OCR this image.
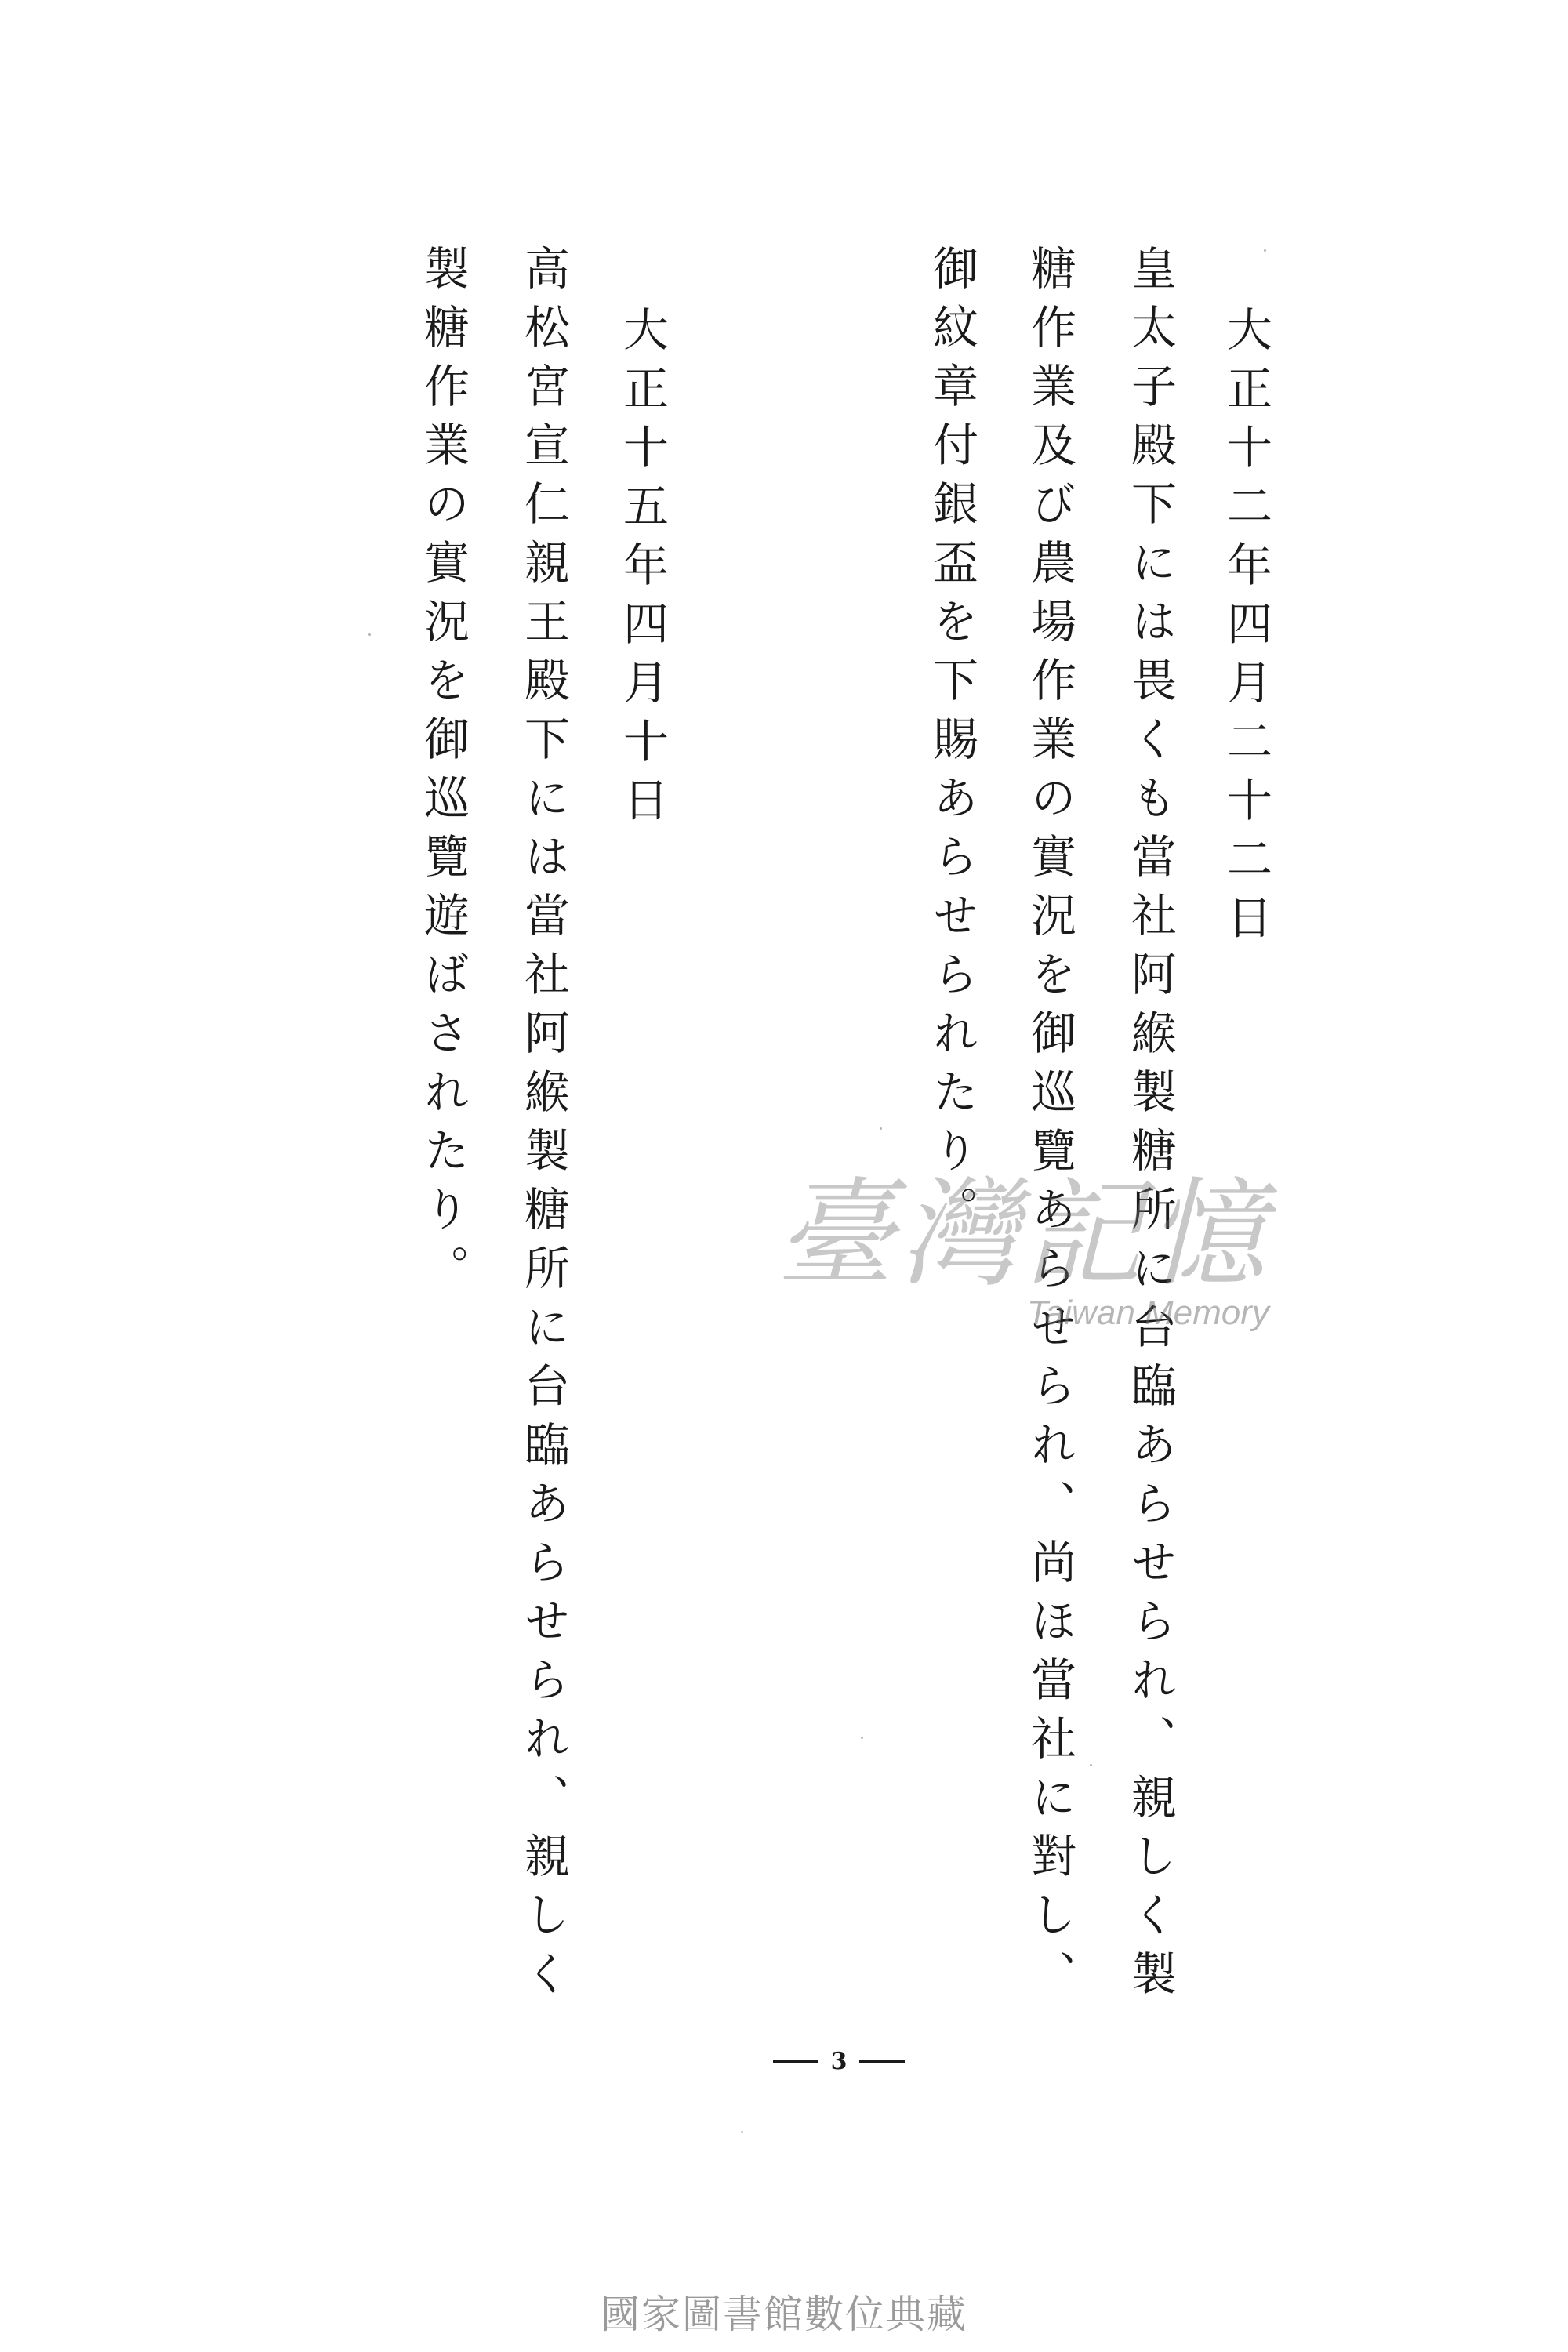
大正十二年四月二十二日

皇太子殿下には畏くも當社阿緱製糖所に台臨あらせられ、親しく製

糖作業及び農場作業の實況を御巡覽あらせられ、尚ほ當社に對し、

御紋章付銀盃を下賜あらせられたり。

大正十五年四月十日

高松宮宣仁親王殿下には當社阿緱製糖所に台臨あらせられ、親しく

製糖作業の實況を御巡覽遊ばされたり。	臺灣記憶
Taiwan Memory
3
國家圖書館數位典藏
